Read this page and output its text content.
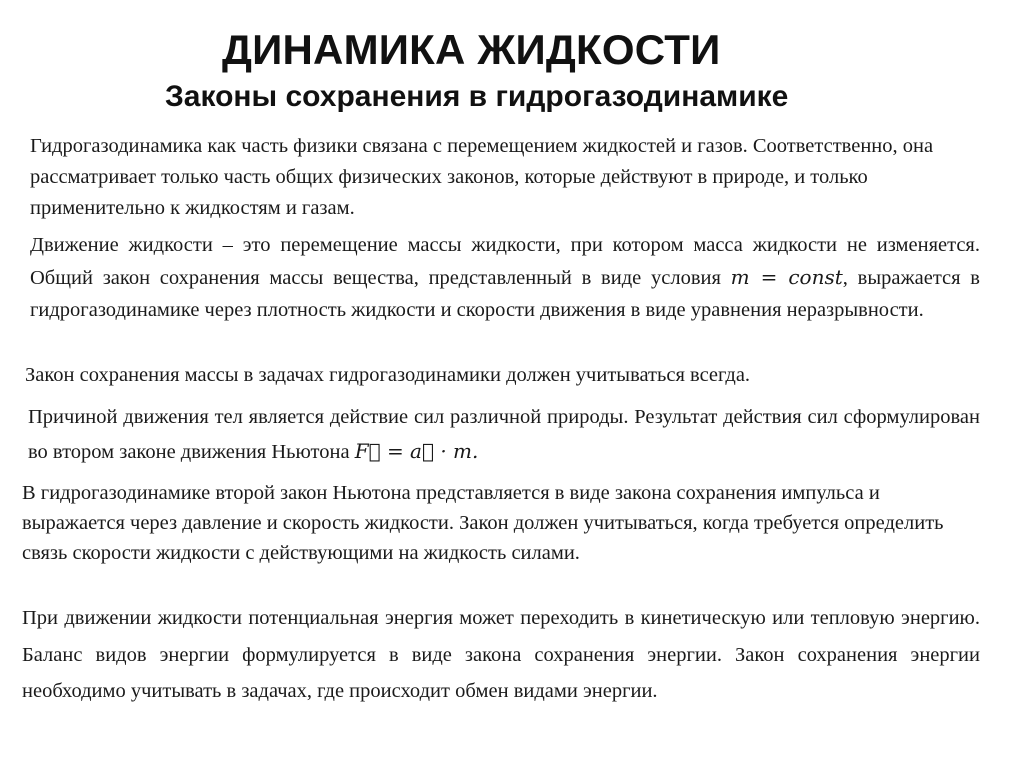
ДИНАМИКА ЖИДКОСТИ
Законы сохранения в гидрогазодинамике

Гидрогазодинамика как часть физики связана с перемещением жидкостей и газов. Соответственно, она рассматривает только часть общих физических законов, которые действуют в природе, и только применительно к жидкостям и газам.

Движение жидкости – это перемещение массы жидкости, при котором масса жидкости не изменяется. Общий закон сохранения массы вещества, представленный в виде условия m = const, выражается в гидрогазодинамике через плотность жидкости и скорости движения в виде уравнения неразрывности.

Закон сохранения массы в задачах гидрогазодинамики должен учитываться всегда.

Причиной движения тел является действие сил различной природы. Результат действия сил сформулирован во втором законе движения Ньютона F⃗ = a⃗ · m.

В гидрогазодинамике второй закон Ньютона представляется в виде закона сохранения импульса и выражается через давление и скорость жидкости. Закон должен учитываться, когда требуется определить связь скорости жидкости с действующими на жидкость силами.

При движении жидкости потенциальная энергия может переходить в кинетическую или тепловую энергию. Баланс видов энергии формулируется в виде закона сохранения энергии. Закон сохранения энергии необходимо учитывать в задачах, где происходит обмен видами энергии.
